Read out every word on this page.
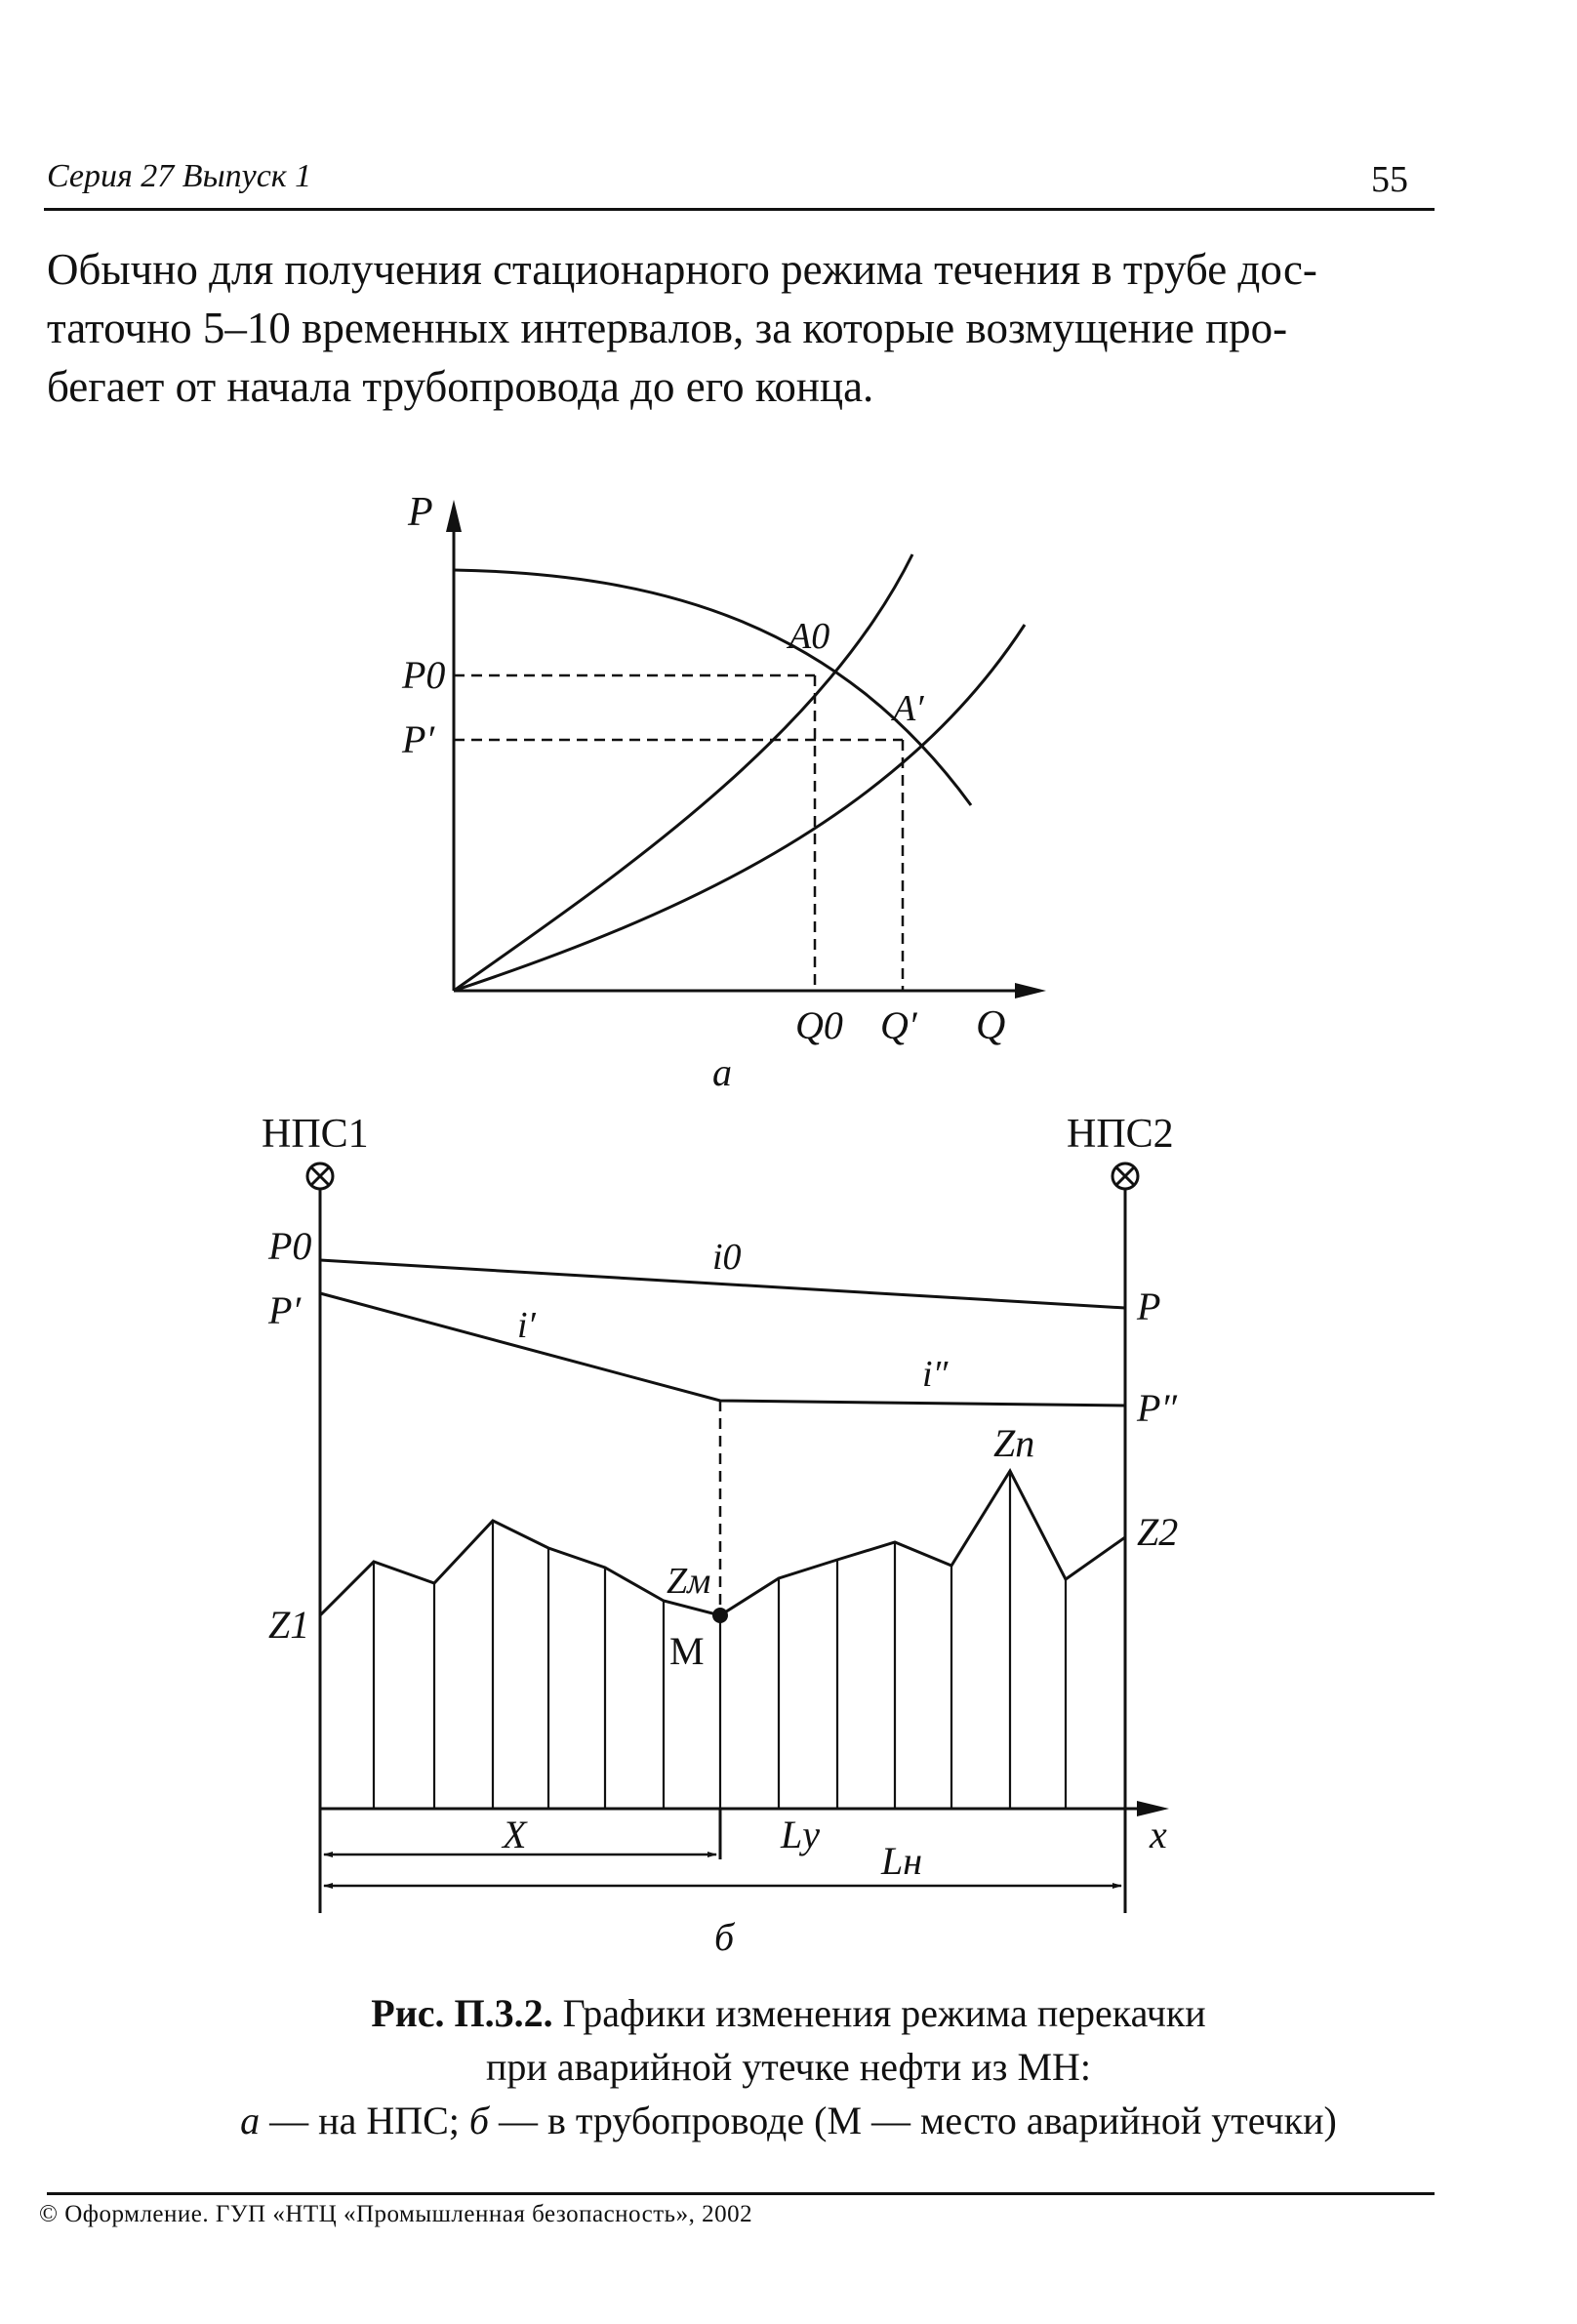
Серия 27 Выпуск 1	55

Обычно для получения стационарного режима течения в трубе дос-

таточно 5–10 временных интервалов, за которые возмущение про-

бегает от начала трубопровода до его конца.

P
P0
P′
A0
A′
Q0 Q′ Q
а
НПС1	НПС2
P0
P′
i0
i′
i″
P
P″
Zn
Z2
Z1
Zм
М
X	Lу
Lн
x
б
Рис. П.3.2. Графики изменения режима перекачки
при аварийной утечке нефти из МН:
а — на НПС; б — в трубопроводе (М — место аварийной утечки)
© Оформление. ГУП «НТЦ «Промышленная безопасность», 2002
